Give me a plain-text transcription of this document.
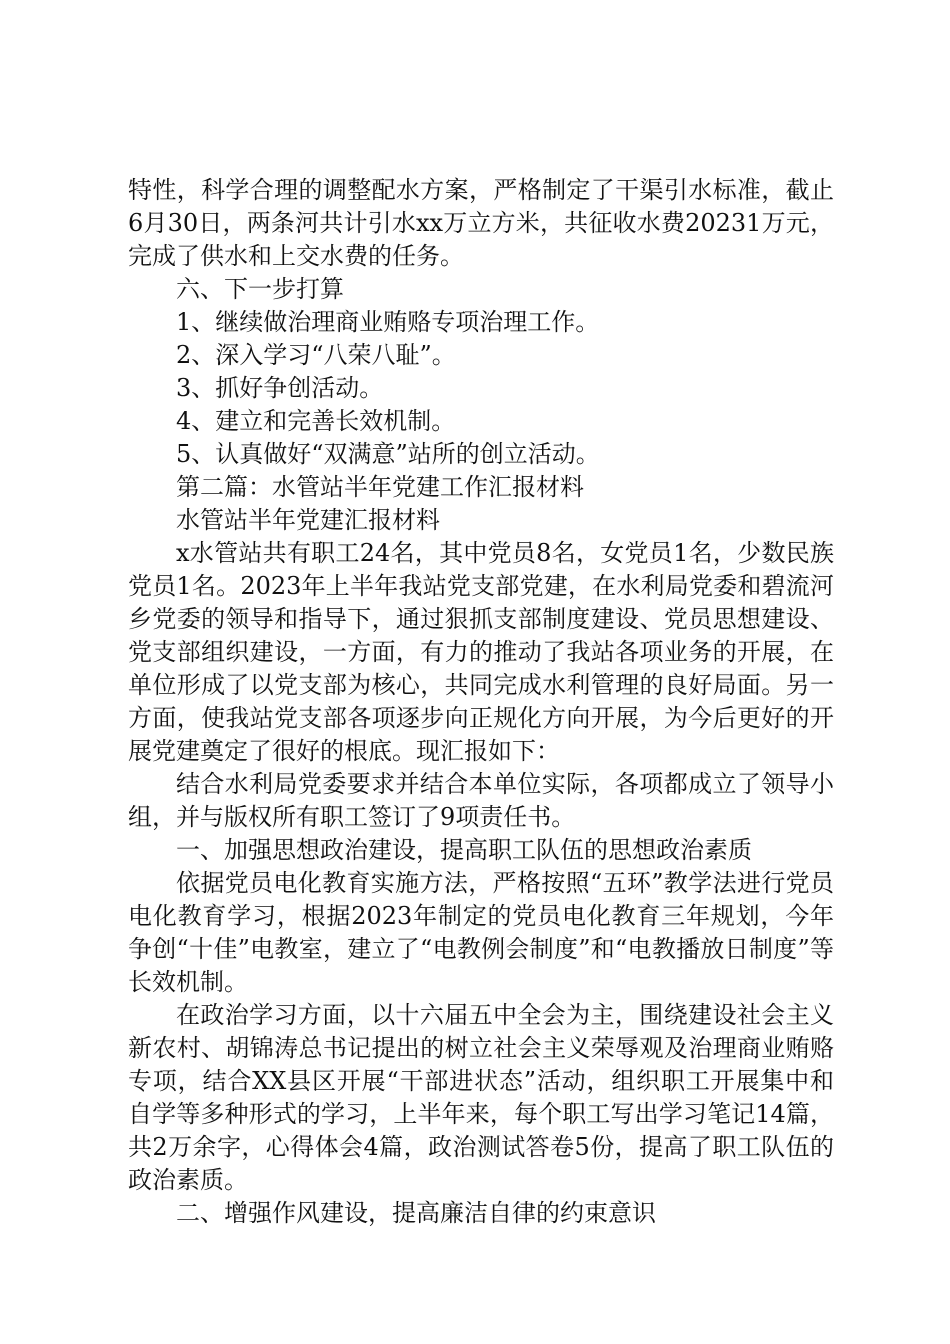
特性，科学合理的调整配水方案，严格制定了干渠引水标准，截止6月30日，两条河共计引水xx万立方米，共征收水费20231万元，完成了供水和上交水费的任务。

六、下一步打算

1、继续做治理商业贿赂专项治理工作。

2、深入学习“八荣八耻”。

3、抓好争创活动。

4、建立和完善长效机制。

5、认真做好“双满意”站所的创立活动。

第二篇：水管站半年党建工作汇报材料

水管站半年党建汇报材料

x水管站共有职工24名，其中党员8名，女党员1名，少数民族党员1名。2023年上半年我站党支部党建，在水利局党委和碧流河乡党委的领导和指导下，通过狠抓支部制度建设、党员思想建设、党支部组织建设，一方面，有力的推动了我站各项业务的开展，在单位形成了以党支部为核心，共同完成水利管理的良好局面。另一方面，使我站党支部各项逐步向正规化方向开展，为今后更好的开展党建奠定了很好的根底。现汇报如下：

结合水利局党委要求并结合本单位实际，各项都成立了领导小组，并与版权所有职工签订了9项责任书。

一、加强思想政治建设，提高职工队伍的思想政治素质

依据党员电化教育实施方法，严格按照“五环”教学法进行党员电化教育学习，根据2023年制定的党员电化教育三年规划，今年争创“十佳”电教室，建立了“电教例会制度”和“电教播放日制度”等长效机制。

在政治学习方面，以十六届五中全会为主，围绕建设社会主义新农村、胡锦涛总书记提出的树立社会主义荣辱观及治理商业贿赂专项，结合XX县区开展“干部进状态”活动，组织职工开展集中和自学等多种形式的学习，上半年来，每个职工写出学习笔记14篇，共2万余字，心得体会4篇，政治测试答卷5份，提高了职工队伍的政治素质。

二、增强作风建设，提高廉洁自律的约束意识
